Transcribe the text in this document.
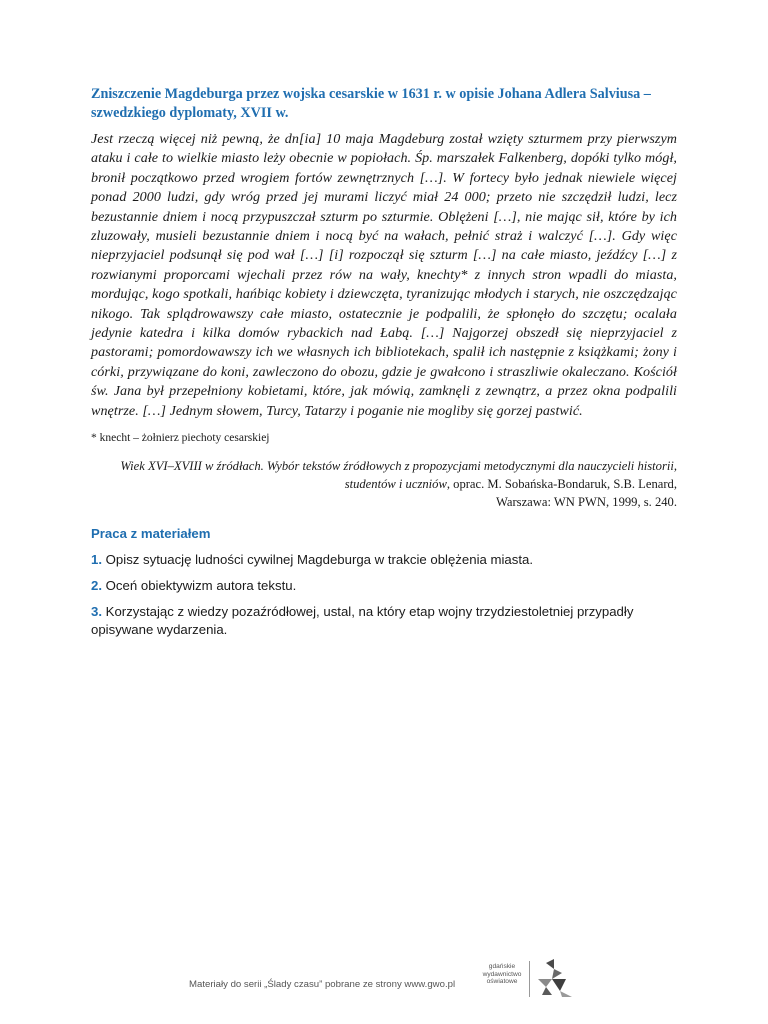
Zniszczenie Magdeburga przez wojska cesarskie w 1631 r. w opisie Johana Adlera Salviusa – szwedzkiego dyplomaty, XVII w.

Jest rzeczą więcej niż pewną, że dn[ia] 10 maja Magdeburg został wzięty szturmem przy pierwszym ataku i całe to wielkie miasto leży obecnie w popiołach. Śp. marszałek Falkenberg, dopóki tylko mógł, bronił początkowo przed wrogiem fortów zewnętrznych […]. W fortecy było jednak niewiele więcej ponad 2000 ludzi, gdy wróg przed jej murami liczyć miał 24 000; przeto nie szczędził ludzi, lecz bezustannie dniem i nocą przypuszczał szturm po szturmie. Oblężeni […], nie mając sił, które by ich zluzowały, musieli bezustannie dniem i nocą być na wałach, pełnić straż i walczyć […]. Gdy więc nieprzyjaciel podsunął się pod wał […] [i] rozpoczął się szturm […] na całe miasto, jeźdźcy […] z rozwianymi proporcami wjechali przez rów na wały, knechty* z innych stron wpadli do miasta, mordując, kogo spotkali, hańbiąc kobiety i dziewczęta, tyranizując młodych i starych, nie oszczędzając nikogo. Tak splądrowawszy całe miasto, ostatecznie je podpalili, że spłonęło do szczętu; ocalała jedynie katedra i kilka domów rybackich nad Łabą. […] Najgorzej obszedł się nieprzyjaciel z pastorami; pomordowawszy ich we własnych ich bibliotekach, spalił ich następnie z książkami; żony i córki, przywiązane do koni, zawleczono do obozu, gdzie je gwałcono i straszliwie okaleczano. Kościół św. Jana był przepełniony kobietami, które, jak mówią, zamknęli z zewnątrz, a przez okna podpalili wnętrze. […] Jednym słowem, Turcy, Tatarzy i poganie nie mogliby się gorzej pastwić.

* knecht – żołnierz piechoty cesarskiej
Wiek XVI–XVIII w źródłach. Wybór tekstów źródłowych z propozycjami metodycznymi dla nauczycieli historii, studentów i uczniów, oprac. M. Sobańska-Bondaruk, S.B. Lenard,
Warszawa: WN PWN, 1999, s. 240.
Praca z materiałem
1. Opisz sytuację ludności cywilnej Magdeburga w trakcie oblężenia miasta.
2. Oceń obiektywizm autora tekstu.
3. Korzystając z wiedzy pozaźródłowej, ustal, na który etap wojny trzydziestoletniej przypadły opisywane wydarzenia.
Materiały do serii „Ślady czasu” pobrane ze strony www.gwo.pl
gdańskie
wydawnictwo
oświatowe
